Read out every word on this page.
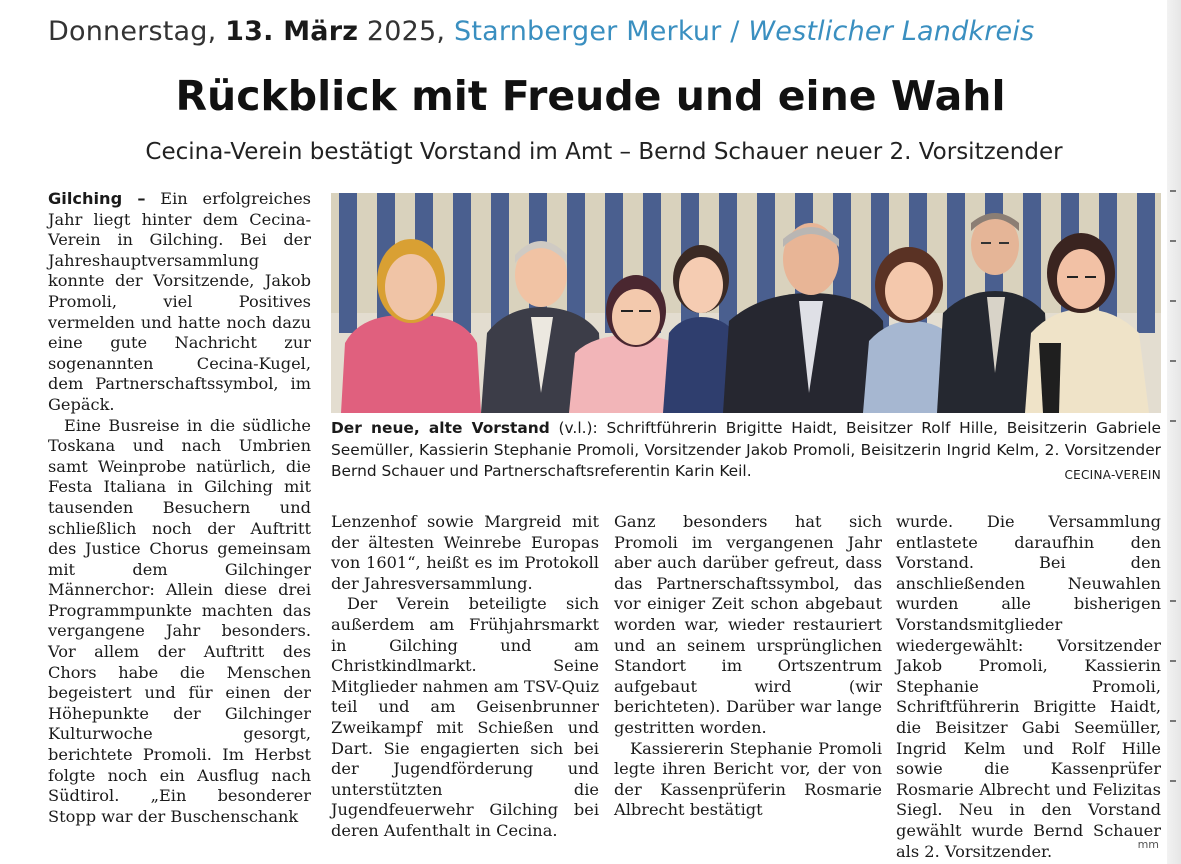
Donnerstag, 13. März 2025, Starnberger Merkur / Westlicher Landkreis
Rückblick mit Freude und eine Wahl
Cecina-Verein bestätigt Vorstand im Amt – Bernd Schauer neuer 2. Vorsitzender

Gilching – Ein erfolgreiches Jahr liegt hinter dem Cecina-Verein in Gilching. Bei der Jahreshauptversammlung konnte der Vorsitzende, Jakob Promoli, viel Positives vermelden und hatte noch dazu eine gute Nachricht zur sogenannten Cecina-Kugel, dem Partnerschaftssymbol, im Gepäck.

Eine Busreise in die südliche Toskana und nach Umbrien samt Weinprobe natürlich, die Festa Italiana in Gilching mit tausenden Besuchern und schließlich noch der Auftritt des Justice Chorus gemeinsam mit dem Gilchinger Männerchor: Allein diese drei Programmpunkte machten das vergangene Jahr besonders. Vor allem der Auftritt des Chors habe die Menschen begeistert und für einen der Höhepunkte der Gilchinger Kulturwoche gesorgt, berichtete Promoli. Im Herbst folgte noch ein Ausflug nach Südtirol. „Ein besonderer Stopp war der Buschenschank

Der neue, alte Vorstand (v.l.): Schriftführerin Brigitte Haidt, Beisitzer Rolf Hille, Beisitzerin Gabriele Seemüller, Kassierin Stephanie Promoli, Vorsitzender Jakob Promoli, Beisitzerin Ingrid Kelm, 2. Vorsitzender Bernd Schauer und Partnerschaftsreferentin Karin Keil.	CECINA-VEREIN

Lenzenhof sowie Margreid mit der ältesten Weinrebe Europas von 1601“, heißt es im Protokoll der Jahresversammlung.

Der Verein beteiligte sich außerdem am Frühjahrsmarkt in Gilching und am Christkindlmarkt. Seine Mitglieder nahmen am TSV-Quiz teil und am Geisenbrunner Zweikampf mit Schießen und Dart. Sie engagierten sich bei der Jugendförderung und unterstützten die Jugendfeuerwehr Gilching bei deren Aufenthalt in Cecina.

Ganz besonders hat sich Promoli im vergangenen Jahr aber auch darüber gefreut, dass das Partnerschaftssymbol, das vor einiger Zeit schon abgebaut worden war, wieder restauriert und an seinem ursprünglichen Standort im Ortszentrum aufgebaut wird (wir berichteten). Darüber war lange gestritten worden.

Kassiererin Stephanie Promoli legte ihren Bericht vor, der von der Kassenprüferin Rosmarie Albrecht bestätigt

wurde. Die Versammlung entlastete daraufhin den Vorstand. Bei den anschließenden Neuwahlen wurden alle bisherigen Vorstandsmitglieder wiedergewählt: Vorsitzender Jakob Promoli, Kassierin Stephanie Promoli, Schriftführerin Brigitte Haidt, die Beisitzer Gabi Seemüller, Ingrid Kelm und Rolf Hille sowie die Kassenprüfer Rosmarie Albrecht und Felizitas Siegl. Neu in den Vorstand gewählt wurde Bernd Schauer als 2. Vorsitzender.	mm
